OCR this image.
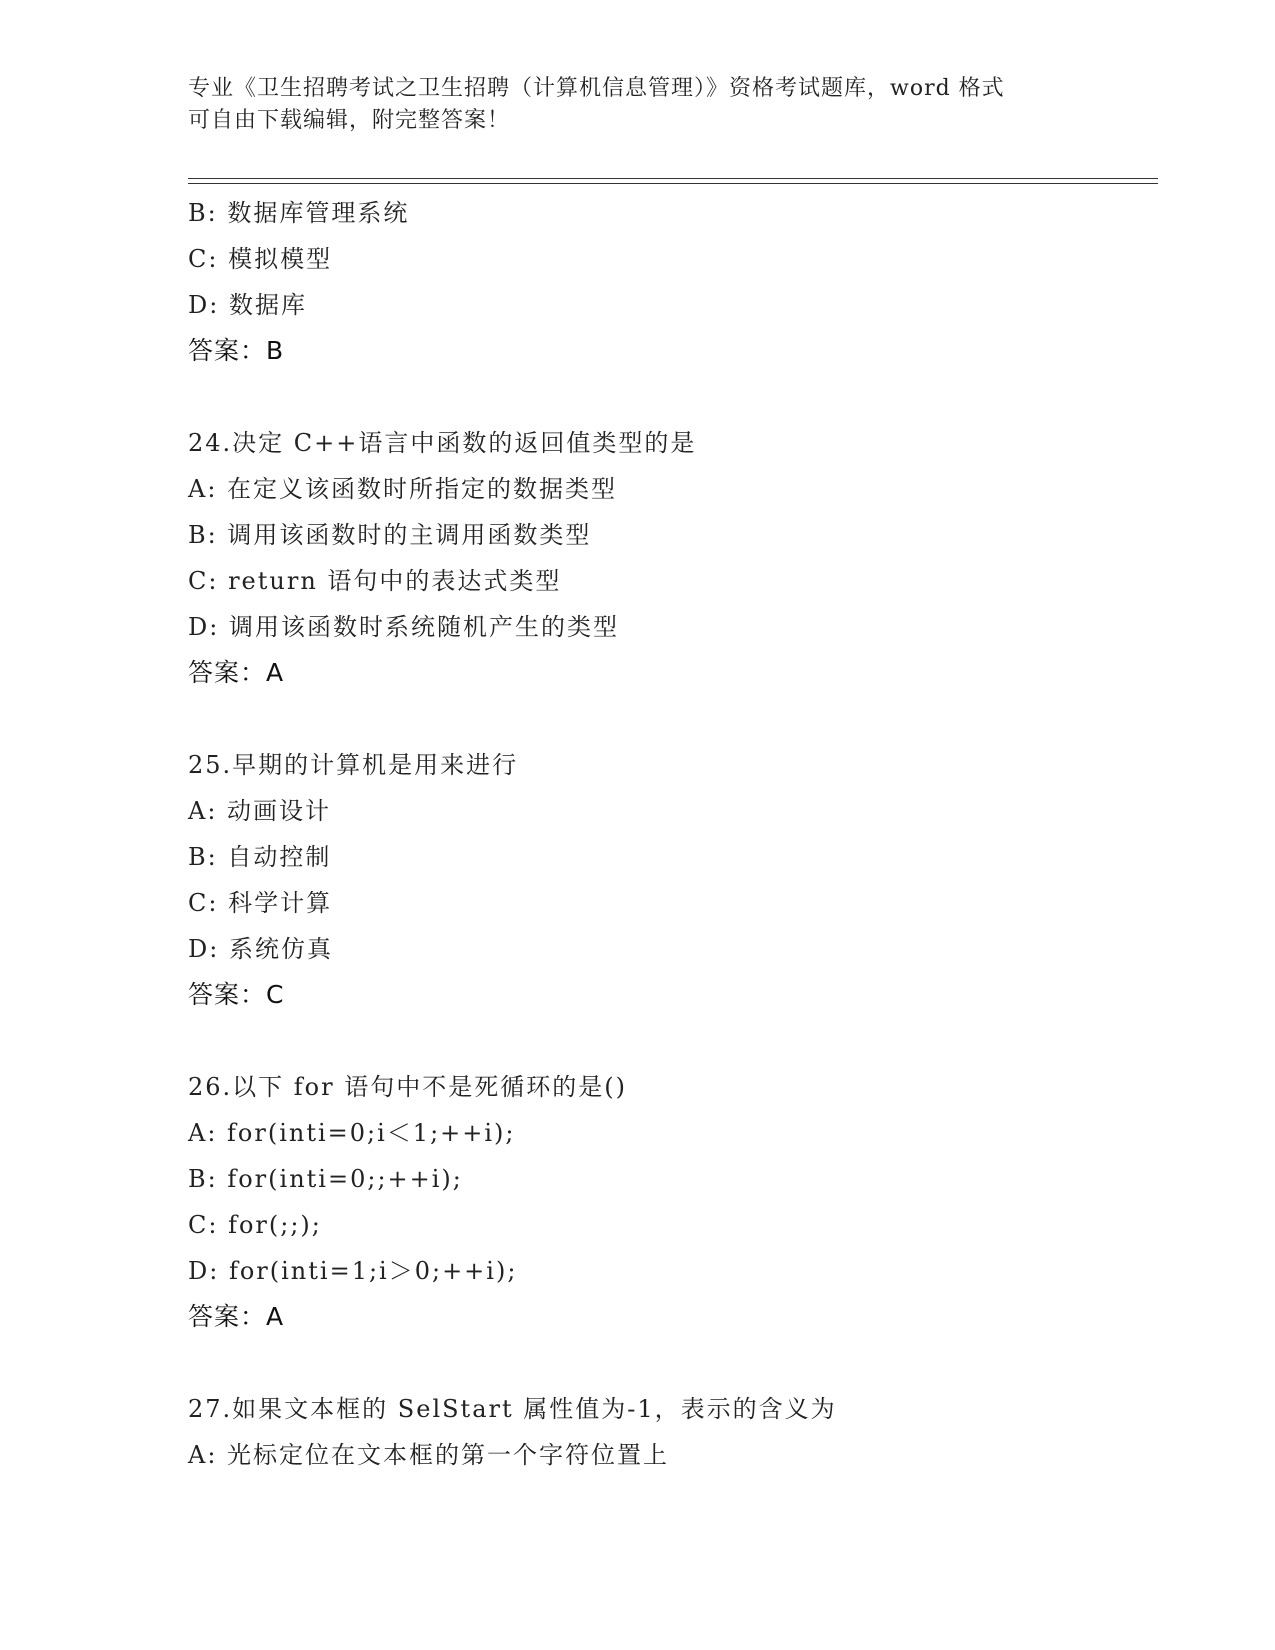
专业《卫生招聘考试之卫生招聘（计算机信息管理）》资格考试题库，word 格式
可自由下载编辑，附完整答案！
B: 数据库管理系统
C: 模拟模型
D: 数据库
答案：B
24.决定 C++语言中函数的返回值类型的是
A: 在定义该函数时所指定的数据类型
B: 调用该函数时的主调用函数类型
C: return 语句中的表达式类型
D: 调用该函数时系统随机产生的类型
答案：A
25.早期的计算机是用来进行
A: 动画设计
B: 自动控制
C: 科学计算
D: 系统仿真
答案：C
26.以下 for 语句中不是死循环的是()
A: for(inti=0;i＜1;++i);
B: for(inti=0;;++i);
C: for(;;);
D: for(inti=1;i＞0;++i);
答案：A
27.如果文本框的 SelStart 属性值为-1，表示的含义为
A: 光标定位在文本框的第一个字符位置上
